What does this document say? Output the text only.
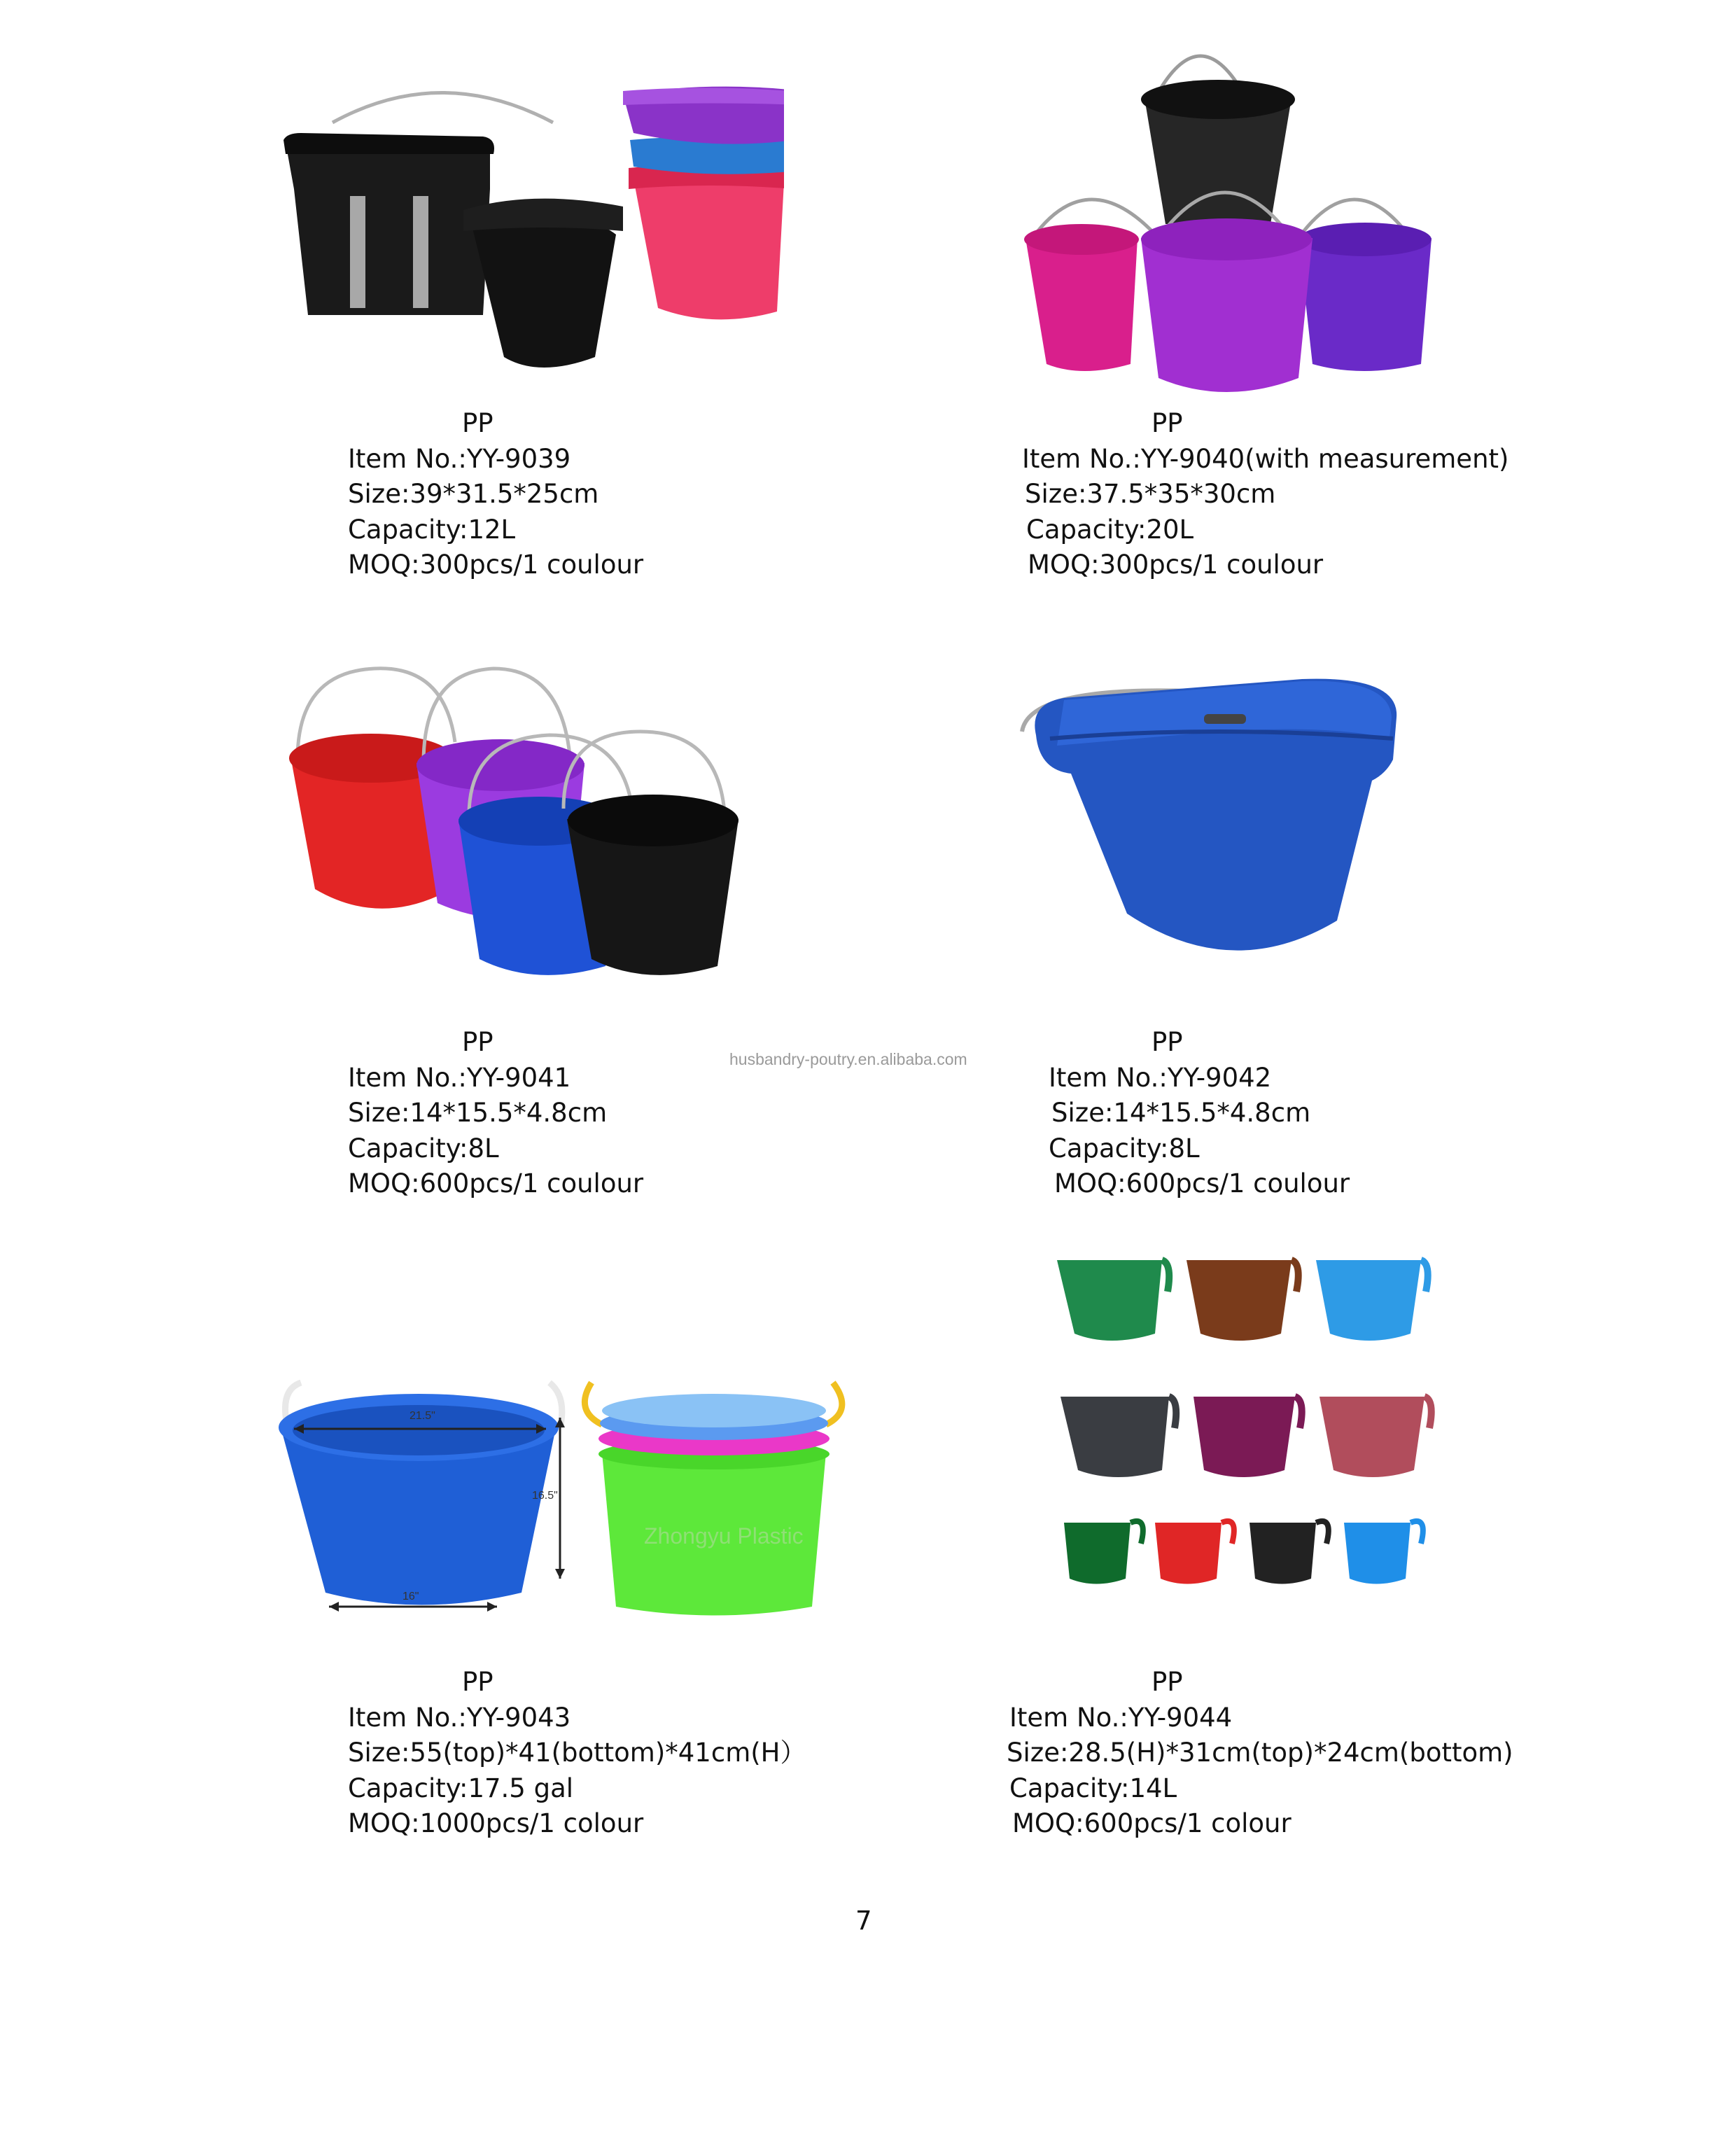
21.5"
16.5"
16"
Zhongyu Plastic
PP
Item No.:YY-9039
Size:39*31.5*25cm
Capacity:12L
MOQ:300pcs/1 coulour
PP
Item No.:YY-9040(with measurement)
Size:37.5*35*30cm
Capacity:20L
MOQ:300pcs/1 coulour
PP
Item No.:YY-9041
Size:14*15.5*4.8cm
Capacity:8L
MOQ:600pcs/1 coulour
PP
Item No.:YY-9042
Size:14*15.5*4.8cm
Capacity:8L
MOQ:600pcs/1 coulour
PP
Item No.:YY-9043
Size:55(top)*41(bottom)*41cm(H）
Capacity:17.5 gal
MOQ:1000pcs/1 colour
PP
Item No.:YY-9044
Size:28.5(H)*31cm(top)*24cm(bottom)
Capacity:14L
MOQ:600pcs/1 colour
husbandry-poutry.en.alibaba.com
7
